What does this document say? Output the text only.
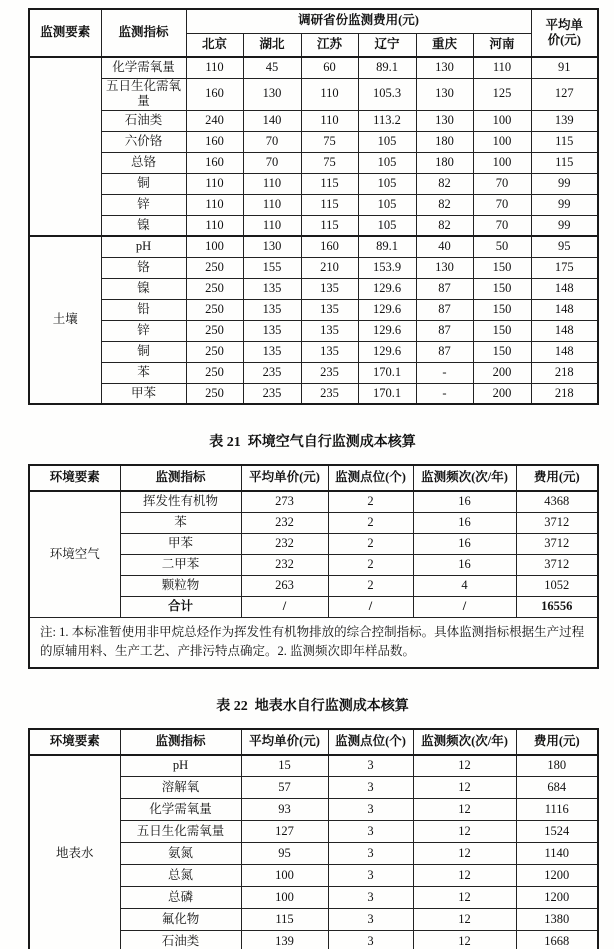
监测要素	监测指标	调研省份监测费用(元)						平均单
价(元)

		北京	湖北	江苏	辽宁	重庆	河南	
	化学需氧量	110	45	60	89.1	130	110	91
	五日生化需氧量	160	130	110	105.3	130	125	127
	石油类	240	140	110	113.2	130	100	139
	六价铬	160	70	75	105	180	100	115
	总铬	160	70	75	105	180	100	115
	铜	110	110	115	105	82	70	99
	锌	110	110	115	105	82	70	99
	镍	110	110	115	105	82	70	99
土壤	pH	100	130	160	89.1	40	50	95
	铬	250	155	210	153.9	130	150	175
	镍	250	135	135	129.6	87	150	148
	铅	250	135	135	129.6	87	150	148
	锌	250	135	135	129.6	87	150	148
	铜	250	135	135	129.6	87	150	148
	苯	250	235	235	170.1	-	200	218
	甲苯	250	235	235	170.1	-	200	218
表 21  环境空气自行监测成本核算
环境要素	监测指标	平均单价(元)	监测点位(个)	监测频次(次/年)	费用(元)
环境空气	挥发性有机物	273	2	16	4368
	苯	232	2	16	3712
	甲苯	232	2	16	3712
	二甲苯	232	2	16	3712
	颗粒物	263	2	4	1052
	合计	/	/	/	16556
注: 1. 本标准暂使用非甲烷总烃作为挥发性有机物排放的综合控制指标。具体监测指标根据生产过程的原辅用料、生产工艺、产排污特点确定。2. 监测频次即年样品数。					
表 22  地表水自行监测成本核算
环境要素	监测指标	平均单价(元)	监测点位(个)	监测频次(次/年)	费用(元)
地表水	pH	15	3	12	180
	溶解氧	57	3	12	684
	化学需氧量	93	3	12	1116
	五日生化需氧量	127	3	12	1524
	氨氮	95	3	12	1140
	总氮	100	3	12	1200
	总磷	100	3	12	1200
	氟化物	115	3	12	1380
	石油类	139	3	12	1668
